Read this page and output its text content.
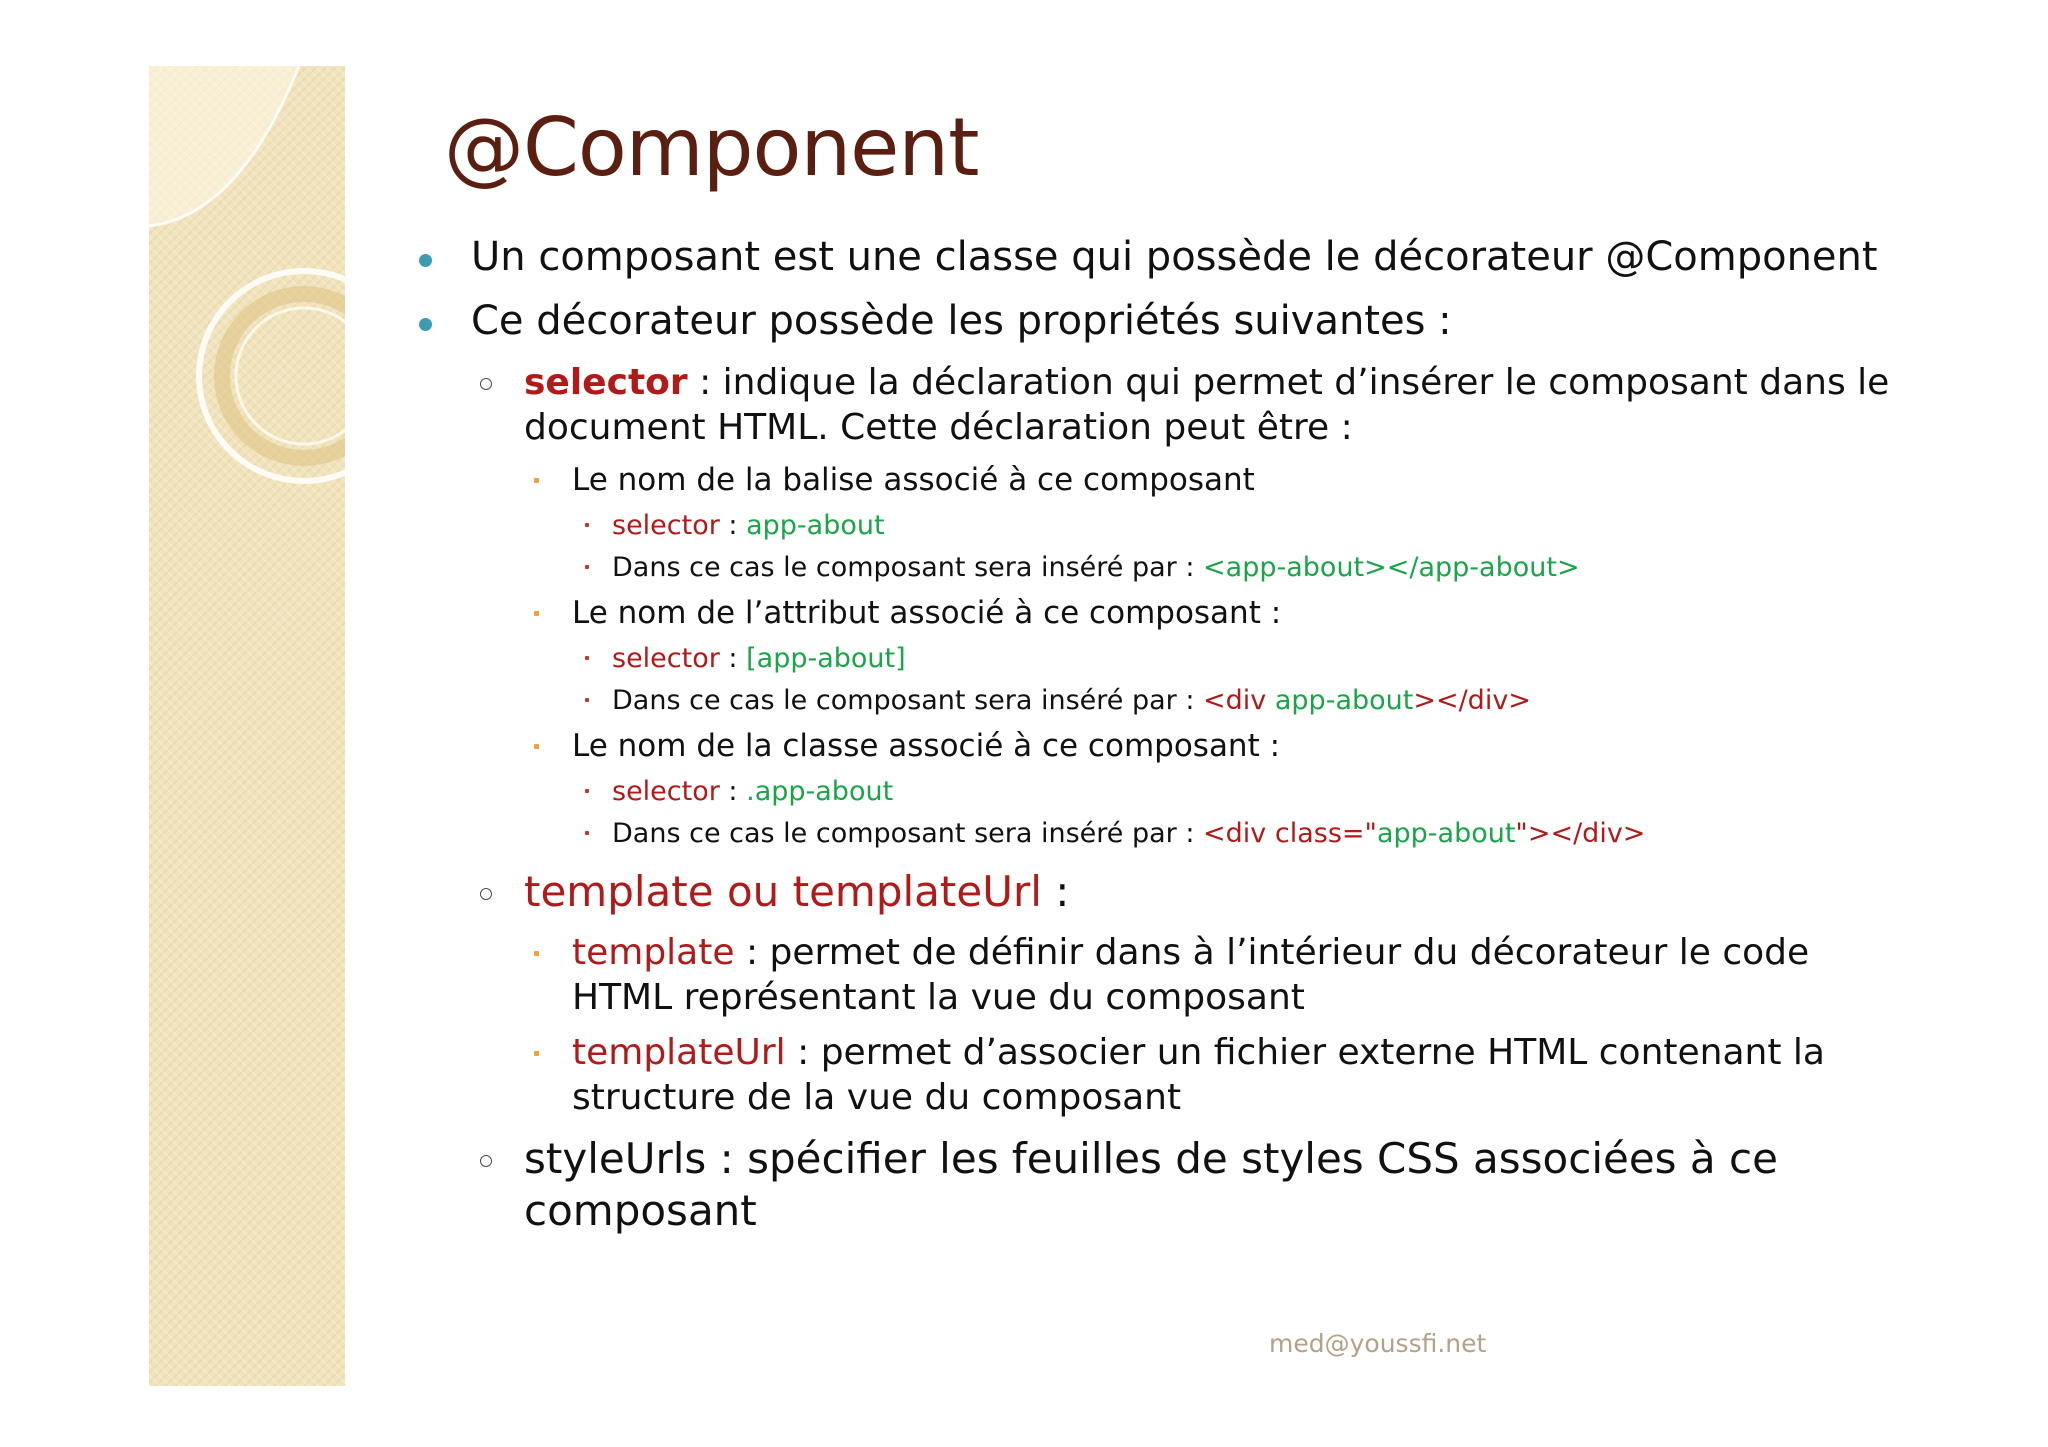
@Component
Un composant est une classe qui possède le décorateur @Component
Ce décorateur possède les propriétés suivantes :
selector : indique la déclaration qui permet d’insérer le composant dans le
document HTML. Cette déclaration peut être :
Le nom de la balise associé à ce composant
selector : app-about
Dans ce cas le composant sera inséré par : <app-about></app-about>
Le nom de l’attribut associé à ce composant :
selector : [app-about]
Dans ce cas le composant sera inséré par : <div app-about></div>
Le nom de la classe associé à ce composant :
selector : .app-about
Dans ce cas le composant sera inséré par : <div class="app-about"></div>
template ou templateUrl :
template : permet de définir dans à l’intérieur du décorateur le code
HTML représentant la vue du composant
templateUrl : permet d’associer un fichier externe HTML contenant la
structure de la vue du composant
styleUrls : spécifier les feuilles de styles CSS associées à ce
composant
med@youssfi.net
